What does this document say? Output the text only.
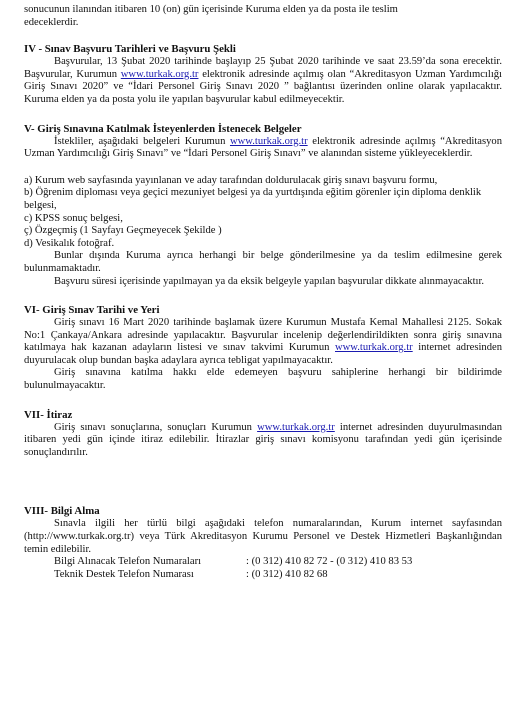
sonucunun ilanından itibaren 10 (on) gün içerisinde Kuruma elden ya da posta ile teslim

edeceklerdir.

IV - Sınav Başvuru Tarihleri ve Başvuru Şekli

Başvurular, 13 Şubat 2020 tarihinde başlayıp 25 Şubat 2020 tarihinde ve saat 23.59’da sona erecektir. Başvurular, Kurumun www.turkak.org.tr elektronik adresinde açılmış olan “Akreditasyon Uzman Yardımcılığı Giriş Sınavı 2020” ve “İdari Personel Giriş Sınavı 2020 ” bağlantısı üzerinden online olarak yapılacaktır. Kuruma elden ya da posta yolu ile yapılan başvurular kabul edilmeyecektir.

V- Giriş Sınavına Katılmak İsteyenlerden İstenecek Belgeler

İstekliler, aşağıdaki belgeleri Kurumun www.turkak.org.tr elektronik adresinde açılmış “Akreditasyon Uzman Yardımcılığı Giriş Sınavı” ve “İdari Personel Giriş Sınavı” ve alanından sisteme yükleyeceklerdir.

a) Kurum web sayfasında yayınlanan ve aday tarafından doldurulacak giriş sınavı başvuru formu,

b) Öğrenim diploması veya geçici mezuniyet belgesi ya da yurtdışında eğitim görenler için diploma denklik belgesi,

c) KPSS sonuç belgesi,

ç) Özgeçmiş (1 Sayfayı Geçmeyecek Şekilde )

d) Vesikalık fotoğraf.

Bunlar dışında Kuruma ayrıca herhangi bir belge gönderilmesine ya da teslim edilmesine gerek bulunmamaktadır.

Başvuru süresi içerisinde yapılmayan ya da eksik belgeyle yapılan başvurular dikkate alınmayacaktır.

VI- Giriş Sınav Tarihi ve Yeri

Giriş sınavı 16 Mart 2020 tarihinde başlamak üzere Kurumun Mustafa Kemal Mahallesi 2125. Sokak No:1 Çankaya/Ankara adresinde yapılacaktır. Başvurular incelenip değerlendirildikten sonra giriş sınavına katılmaya hak kazanan adayların listesi ve sınav takvimi Kurumun www.turkak.org.tr internet adresinden duyurulacak olup bundan başka adaylara ayrıca tebligat yapılmayacaktır.

Giriş sınavına katılma hakkı elde edemeyen başvuru sahiplerine herhangi bir bildirimde bulunulmayacaktır.

VII- İtiraz

Giriş sınavı sonuçlarına, sonuçları Kurumun www.turkak.org.tr internet adresinden duyurulmasından itibaren yedi gün içinde itiraz edilebilir. İtirazlar giriş sınavı komisyonu tarafından yedi gün içerisinde sonuçlandırılır.

VIII- Bilgi Alma

Sınavla ilgili her türlü bilgi aşağıdaki telefon numaralarından, Kurum internet sayfasından (http://www.turkak.org.tr) veya Türk Akreditasyon Kurumu Personel ve Destek Hizmetleri Başkanlığından temin edilebilir.

Bilgi Alınacak Telefon Numaraları	: (0 312) 410 82 72 - (0 312) 410 83 53
Teknik Destek Telefon Numarası	: (0 312) 410 82 68
